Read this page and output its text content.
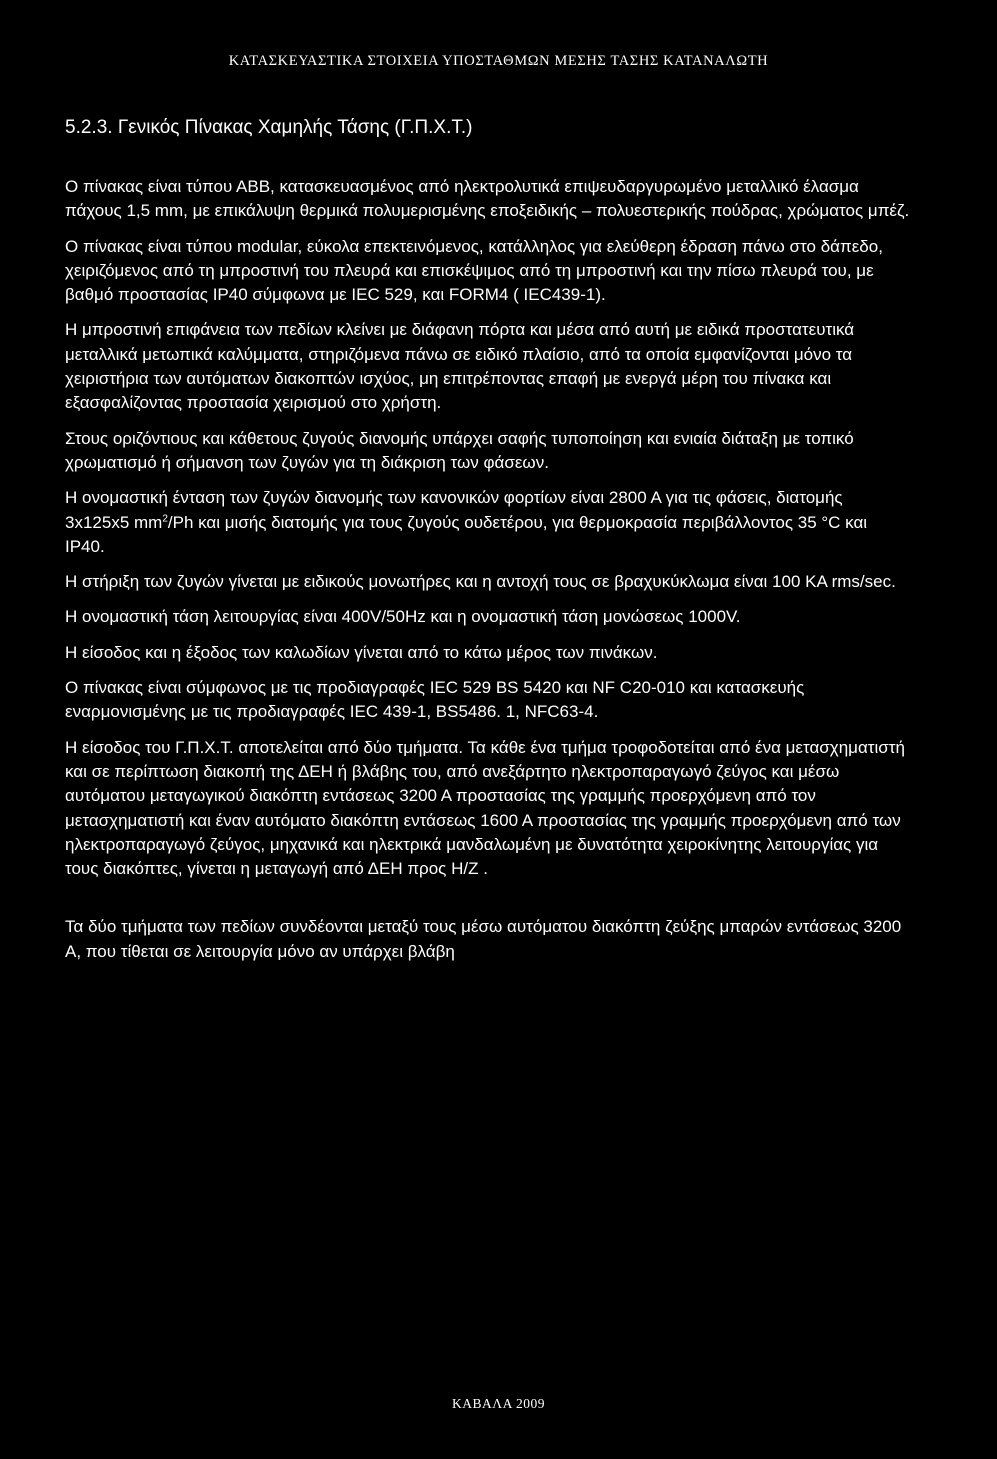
ΚΑΤΑΣΚΕΥΑΣΤΙΚΑ ΣΤΟΙΧΕΙΑ ΥΠΟΣΤΑΘΜΩΝ ΜΕΣΗΣ ΤΑΣΗΣ ΚΑΤΑΝΑΛΩΤΗ
5.2.3. Γενικός Πίνακας Χαμηλής Τάσης (Γ.Π.Χ.Τ.)

Ο πίνακας είναι τύπου ΑΒΒ, κατασκευασμένος από ηλεκτρολυτικά επιψευδαργυρωμένο μεταλλικό έλασμα πάχους 1,5 mm, με επικάλυψη θερμικά πολυμερισμένης εποξειδικής – πολυεστερικής πούδρας, χρώματος μπέζ.

Ο πίνακας είναι τύπου modular, εύκολα επεκτεινόμενος, κατάλληλος για ελεύθερη έδραση πάνω στο δάπεδο, χειριζόμενος από τη μπροστινή του πλευρά και επισκέψιμος από τη μπροστινή και την πίσω πλευρά του, με βαθμό προστασίας IP40 σύμφωνα με IEC 529, και FORM4 ( IEC439-1).

Η μπροστινή επιφάνεια των πεδίων κλείνει με διάφανη πόρτα και μέσα από αυτή με ειδικά προστατευτικά μεταλλικά μετωπικά καλύμματα, στηριζόμενα πάνω σε ειδικό πλαίσιο, από τα οποία εμφανίζονται μόνο τα χειριστήρια των αυτόματων διακοπτών ισχύος, μη επιτρέποντας επαφή με ενεργά μέρη του πίνακα και εξασφαλίζοντας προστασία χειρισμού στο χρήστη.

Στους οριζόντιους και κάθετους ζυγούς διανομής υπάρχει σαφής τυποποίηση και ενιαία διάταξη με τοπικό χρωματισμό ή σήμανση των ζυγών για τη διάκριση των φάσεων.

Η ονομαστική ένταση των ζυγών διανομής των κανονικών φορτίων είναι 2800 Α για τις φάσεις, διατομής 3x125x5 $mm^2/Ph$ και μισής διατομής για τους ζυγούς ουδετέρου, για θερμοκρασία περιβάλλοντος 35 °C και IP40.

Η στήριξη των ζυγών γίνεται με ειδικούς μονωτήρες και η αντοχή τους σε βραχυκύκλωμα είναι 100 KA rms/sec.

Η ονομαστική τάση λειτουργίας είναι 400V/50Hz και η ονομαστική τάση μονώσεως 1000V.

Η είσοδος και η έξοδος των καλωδίων γίνεται από το κάτω μέρος των πινάκων.

Ο πίνακας είναι σύμφωνος με τις προδιαγραφές IEC 529 BS 5420 και NF C20-010 και κατασκευής εναρμονισμένης με τις προδιαγραφές IEC 439-1, BS5486. 1, NFC63-4.

Η είσοδος του Γ.Π.Χ.Τ. αποτελείται από δύο τμήματα. Τα κάθε ένα τμήμα τροφοδοτείται από ένα μετασχηματιστή και σε περίπτωση διακοπή της ΔΕΗ ή βλάβης του, από ανεξάρτητο ηλεκτροπαραγωγό ζεύγος και μέσω αυτόματου μεταγωγικού διακόπτη εντάσεως 3200 Α προστασίας της γραμμής προερχόμενη από τον μετασχηματιστή και έναν αυτόματο διακόπτη εντάσεως 1600 Α προστασίας της γραμμής προερχόμενη από των ηλεκτροπαραγωγό ζεύγος, μηχανικά και ηλεκτρικά μανδαλωμένη με δυνατότητα χειροκίνητης λειτουργίας για τους διακόπτες, γίνεται η μεταγωγή από ΔΕΗ προς Η/Ζ .

Τα δύο τμήματα των πεδίων συνδέονται μεταξύ τους μέσω αυτόματου διακόπτη ζεύξης μπαρών εντάσεως 3200 Α, που τίθεται σε λειτουργία μόνο αν υπάρχει βλάβη

ΚΑΒΑΛΑ 2009
